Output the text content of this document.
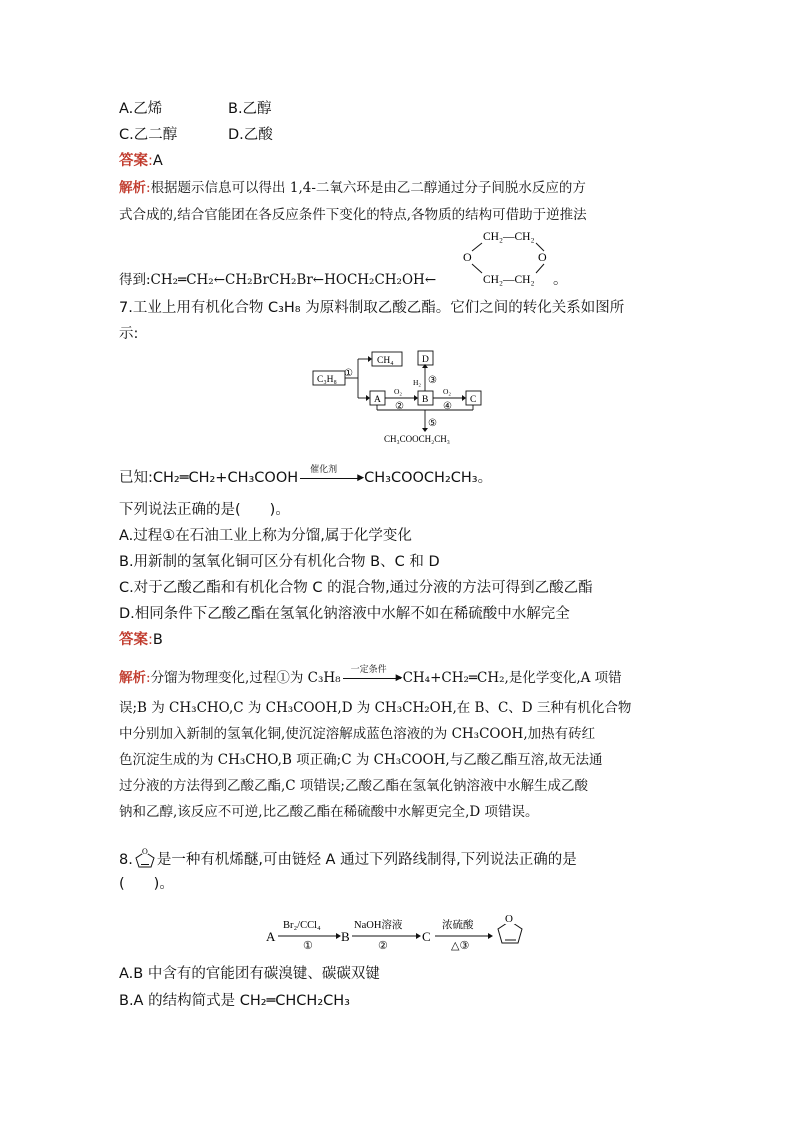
A.乙烯	B.乙醇
C.乙二醇	D.乙酸
答案:A
解析:根据题示信息可以得出 1,4-二氧六环是由乙二醇通过分子间脱水反应的方
式合成的,结合官能团在各反应条件下变化的特点,各物质的结构可借助于逆推法
得到:CH₂═CH₂←CH₂BrCH₂Br←HOCH₂CH₂OH←
CH₂—CH₂
O	O
CH₂—CH₂ 。
7.工业上用有机化合物 C₃H₈ 为原料制取乙酸乙酯。它们之间的转化关系如图所
示:
C₃H₈
①
CH₄
A
O₂
②
B
O₂
④
C
H₂ ③
D
⑤
CH₃COOCH₂CH₃
已知:CH₂═CH₂+CH₃COOH 催化剂
▶ CH₃COOCH₂CH₃。
下列说法正确的是(　　)。
A.过程①在石油工业上称为分馏,属于化学变化
B.用新制的氢氧化铜可区分有机化合物 B、C 和 D
C.对于乙酸乙酯和有机化合物 C 的混合物,通过分液的方法可得到乙酸乙酯
D.相同条件下乙酸乙酯在氢氧化钠溶液中水解不如在稀硫酸中水解完全
答案:B
解析:分馏为物理变化,过程①为 C₃H₈ 一定条件
▶ CH₄+CH₂═CH₂,是化学变化,A 项错
误;B 为 CH₃CHO,C 为 CH₃COOH,D 为 CH₃CH₂OH,在 B、C、D 三种有机化合物
中分别加入新制的氢氧化铜,使沉淀溶解成蓝色溶液的为 CH₃COOH,加热有砖红
色沉淀生成的为 CH₃CHO,B 项正确;C 为 CH₃COOH,与乙酸乙酯互溶,故无法通
过分液的方法得到乙酸乙酯,C 项错误;乙酸乙酯在氢氧化钠溶液中水解生成乙酸
钠和乙醇,该反应不可逆,比乙酸乙酯在稀硫酸中水解更完全,D 项错误。
8.
O
是一种有机烯醚,可由链烃 A 通过下列路线制得,下列说法正确的是
(　　)。
A
Br₂/CCl₄
①
B
NaOH溶液
②
C
浓硫酸
△③
O
A.B 中含有的官能团有碳溴键、碳碳双键
B.A 的结构简式是 CH₂═CHCH₂CH₃
